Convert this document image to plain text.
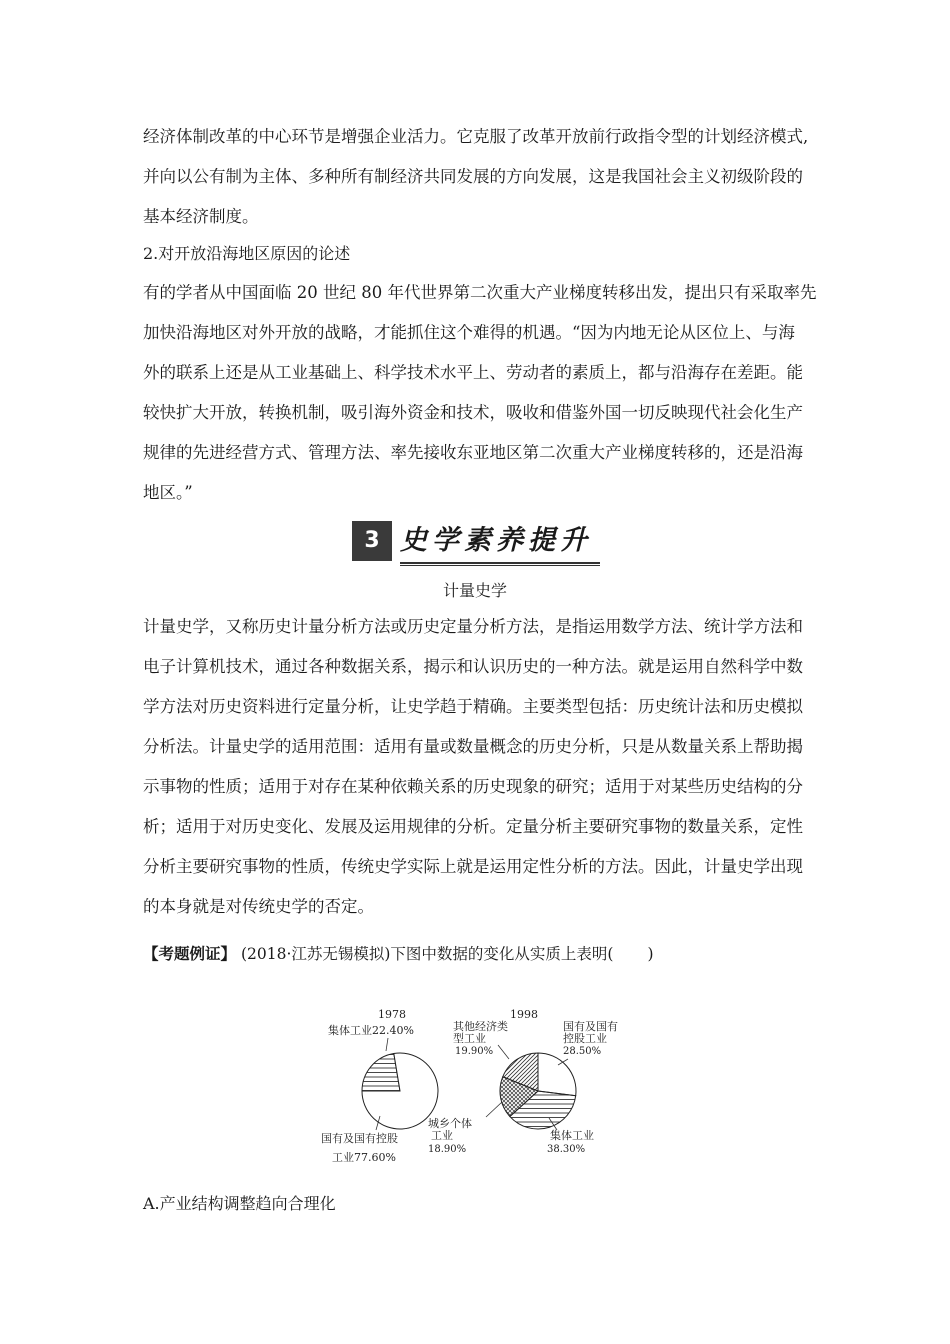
经济体制改革的中心环节是增强企业活力。它克服了改革开放前行政指令型的计划经济模式,
并向以公有制为主体、多种所有制经济共同发展的方向发展，这是我国社会主义初级阶段的
基本经济制度。
2.对开放沿海地区原因的论述
有的学者从中国面临 20 世纪 80 年代世界第二次重大产业梯度转移出发，提出只有采取率先
加快沿海地区对外开放的战略，才能抓住这个难得的机遇。“因为内地无论从区位上、与海
外的联系上还是从工业基础上、科学技术水平上、劳动者的素质上，都与沿海存在差距。能
较快扩大开放，转换机制，吸引海外资金和技术，吸收和借鉴外国一切反映现代社会化生产
规律的先进经营方式、管理方法、率先接收东亚地区第二次重大产业梯度转移的，还是沿海
地区。”
3 史学素养提升
计量史学
计量史学，又称历史计量分析方法或历史定量分析方法，是指运用数学方法、统计学方法和
电子计算机技术，通过各种数据关系，揭示和认识历史的一种方法。就是运用自然科学中数
学方法对历史资料进行定量分析，让史学趋于精确。主要类型包括：历史统计法和历史模拟
分析法。计量史学的适用范围：适用有量或数量概念的历史分析，只是从数量关系上帮助揭
示事物的性质；适用于对存在某种依赖关系的历史现象的研究；适用于对某些历史结构的分
析；适用于对历史变化、发展及运用规律的分析。定量分析主要研究事物的数量关系，定性
分析主要研究事物的性质，传统史学实际上就是运用定性分析的方法。因此，计量史学出现
的本身就是对传统史学的否定。
【考题例证】 (2018·江苏无锡模拟)下图中数据的变化从实质上表明( )
1978
集体工业22.40%
国有及国有控股
工业77.60%
1998
其他经济类
型工业
19.90%
国有及国有
控股工业
28.50%
城乡个体
工业
18.90%
集体工业
38.30%
A.产业结构调整趋向合理化
